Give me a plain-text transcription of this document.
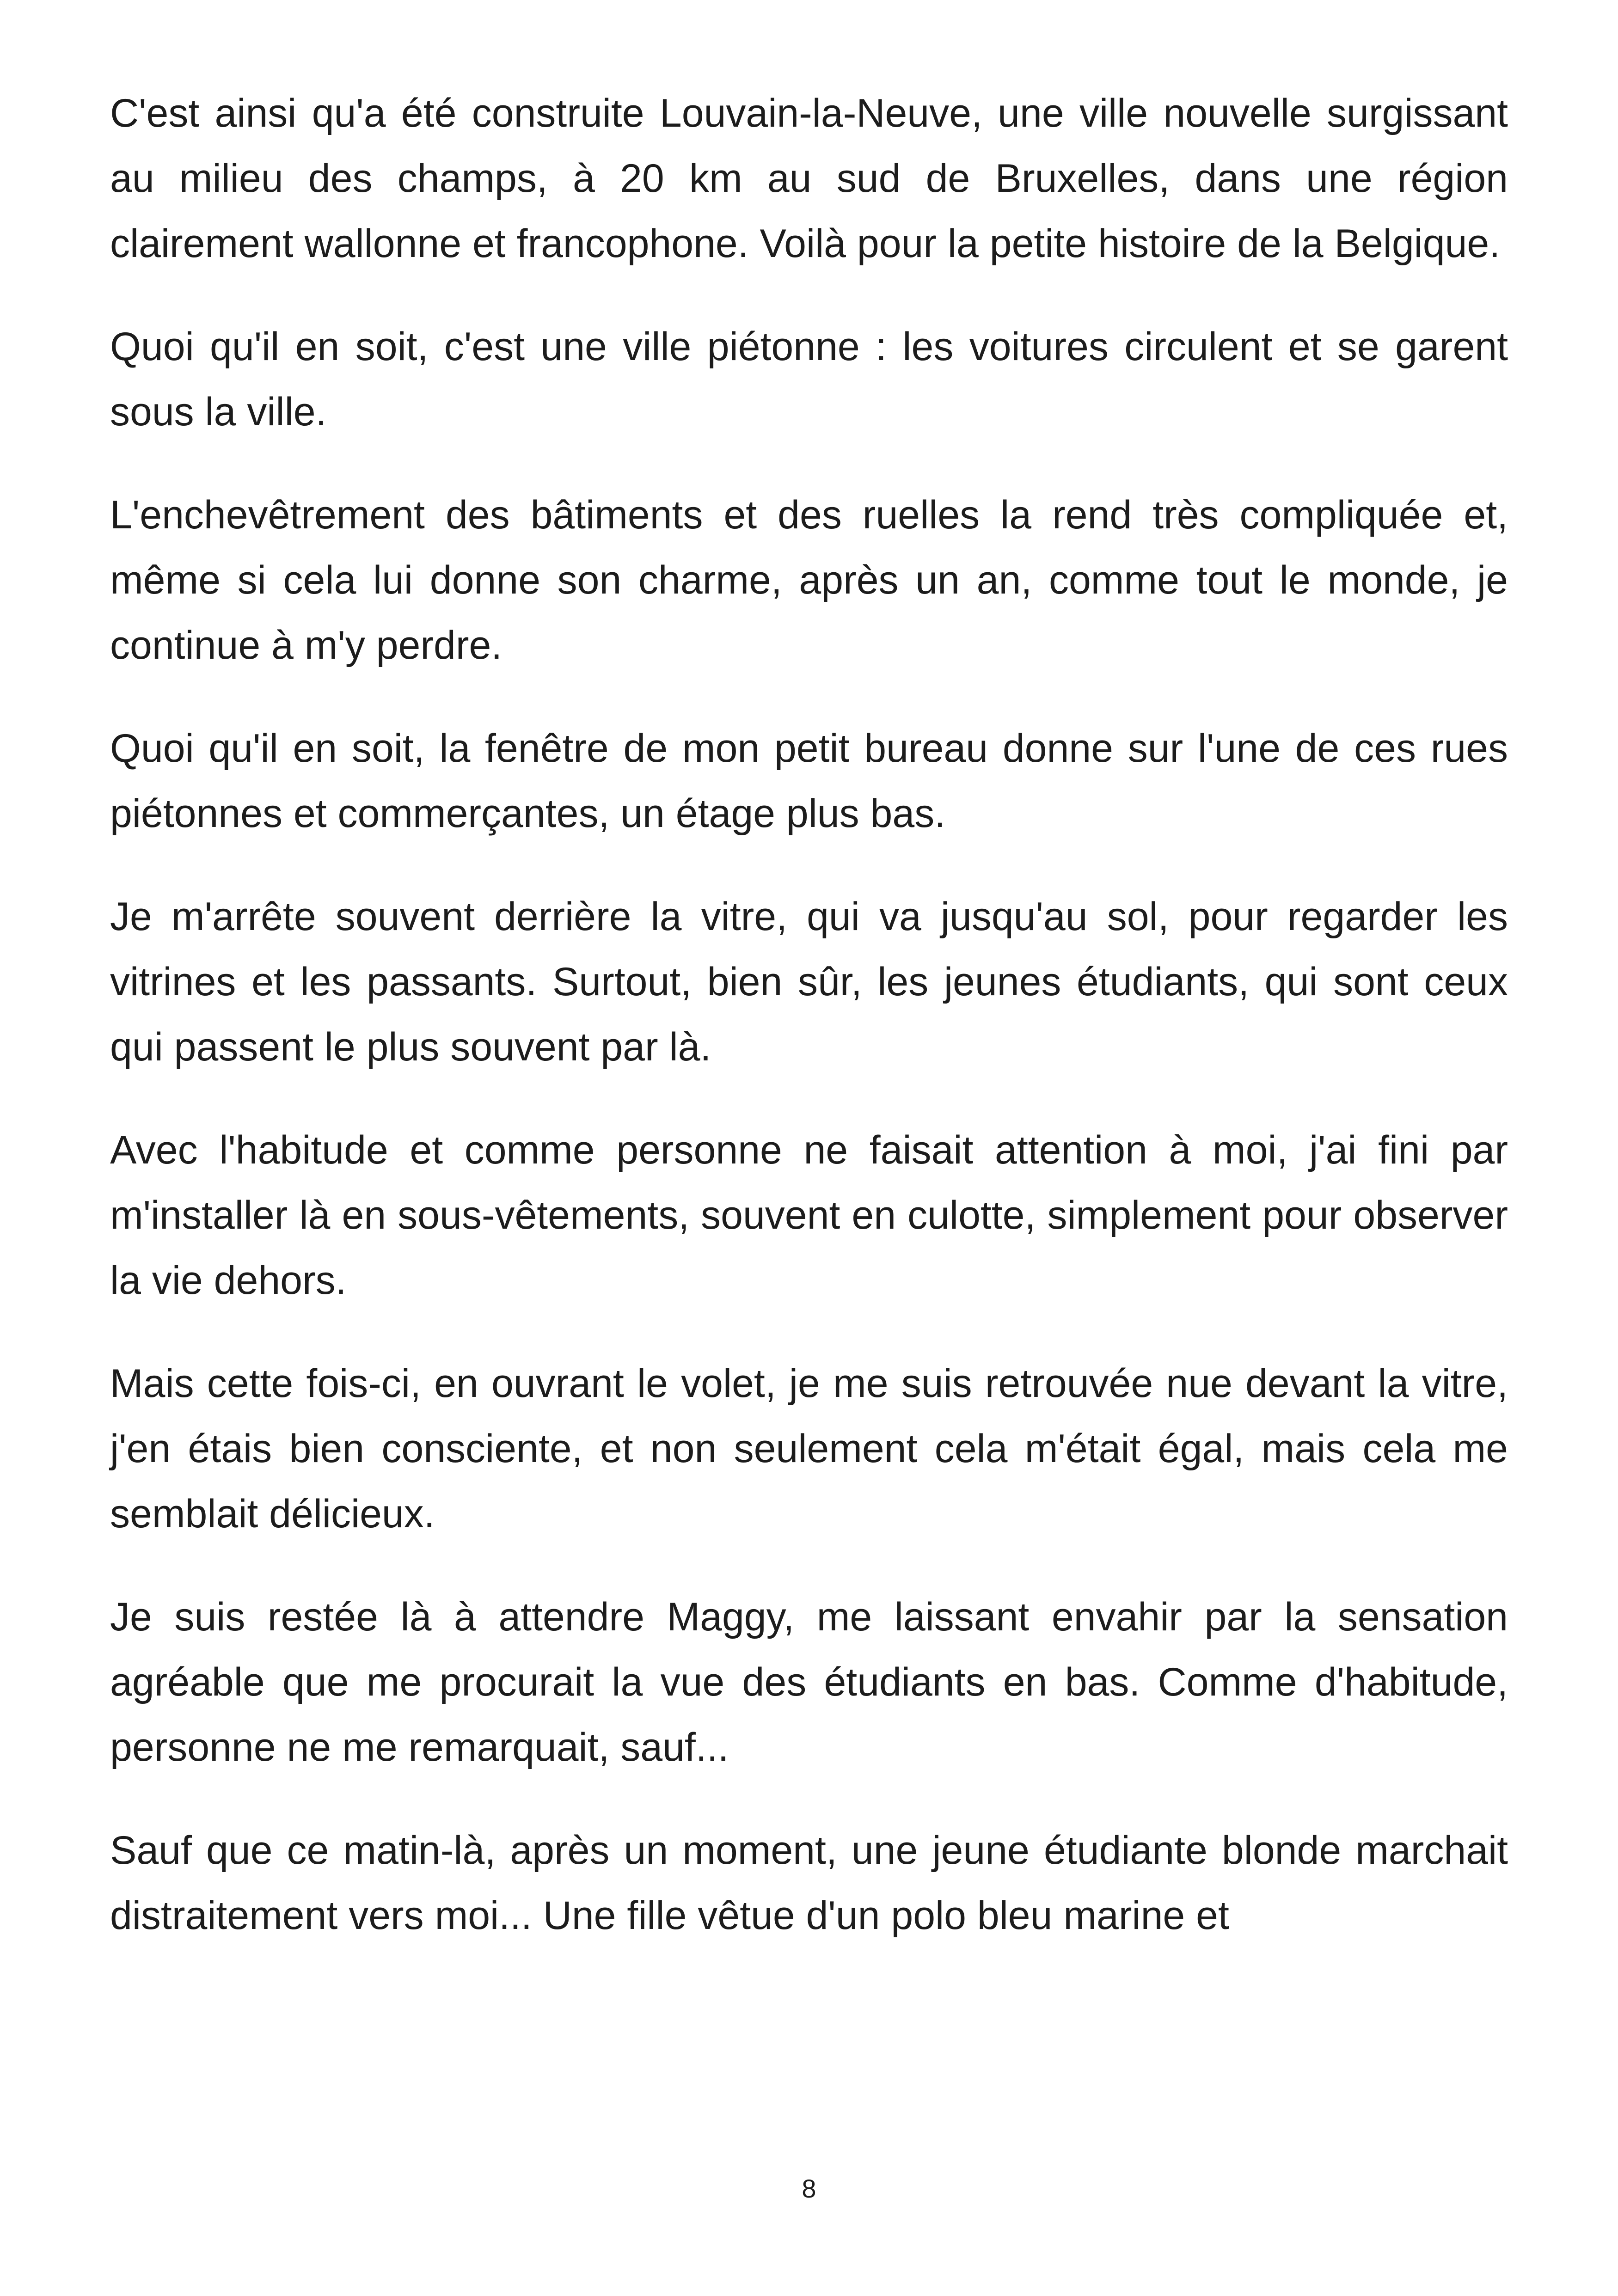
C'est ainsi qu'a été construite Louvain-la-Neuve, une ville nouvelle surgissant au milieu des champs, à 20 km au sud de Bruxelles, dans une région clairement wallonne et francophone. Voilà pour la petite histoire de la Belgique.

Quoi qu'il en soit, c'est une ville piétonne : les voitures circulent et se garent sous la ville.

L'enchevêtrement des bâtiments et des ruelles la rend très compliquée et, même si cela lui donne son charme, après un an, comme tout le monde, je continue à m'y perdre.

Quoi qu'il en soit, la fenêtre de mon petit bureau donne sur l'une de ces rues piétonnes et commerçantes, un étage plus bas.

Je m'arrête souvent derrière la vitre, qui va jusqu'au sol, pour regarder les vitrines et les passants. Surtout, bien sûr, les jeunes étudiants, qui sont ceux qui passent le plus souvent par là.

Avec l'habitude et comme personne ne faisait attention à moi, j'ai fini par m'installer là en sous-vêtements, souvent en culotte, simplement pour observer la vie dehors.

Mais cette fois-ci, en ouvrant le volet, je me suis retrouvée nue devant la vitre, j'en étais bien consciente, et non seulement cela m'était égal, mais cela me semblait délicieux.

Je suis restée là à attendre Maggy, me laissant envahir par la sensation agréable que me procurait la vue des étudiants en bas. Comme d'habitude, personne ne me remarquait, sauf...

Sauf que ce matin-là, après un moment, une jeune étudiante blonde marchait distraitement vers moi... Une fille vêtue d'un polo bleu marine et

8
